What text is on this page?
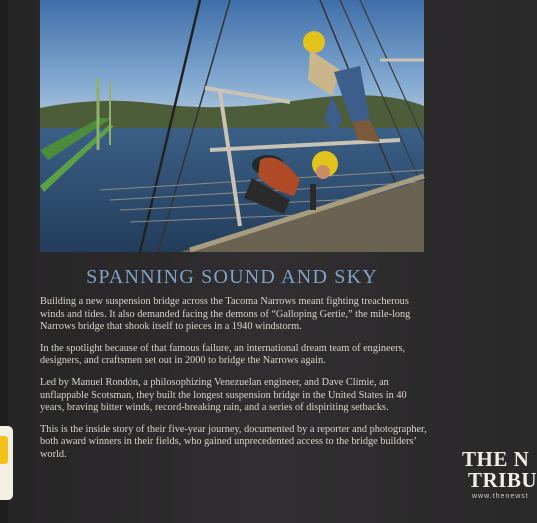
SPANNING SOUND AND SKY

Building a new suspension bridge across the Tacoma Narrows meant fighting treacherous winds and tides. It also demanded facing the demons of “Galloping Gertie,” the mile-long Narrows bridge that shook itself to pieces in a 1940 windstorm.

In the spotlight because of that famous failure, an international dream team of engineers, designers, and craftsmen set out in 2000 to bridge the Narrows again.

Led by Manuel Rondón, a philosophizing Venezuelan engineer, and Dave Climie, an unflappable Scotsman, they built the longest suspension bridge in the United States in 40 years, braving bitter winds, record-breaking rain, and a series of dispiriting setbacks.

This is the inside story of their five-year journey, documented by a reporter and photographer, both award winners in their fields, who gained unprecedented access to the bridge builders’ world.	THE N
TRIBU
www.thenewst
